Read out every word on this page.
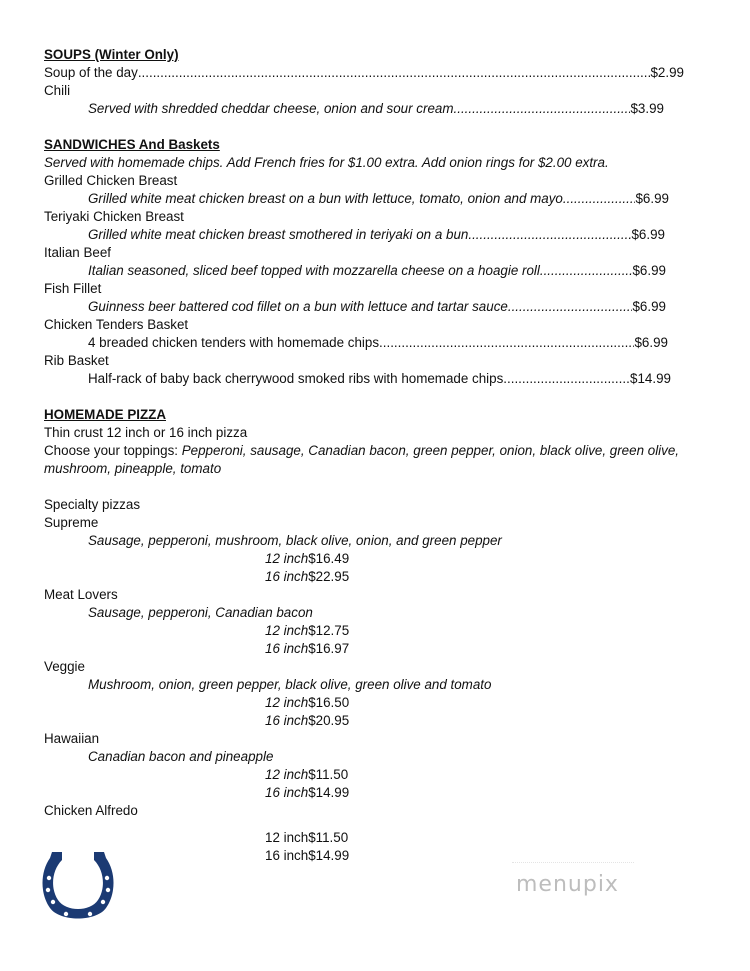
SOUPS (Winter Only)
Soup of the day .....	$2.99
Chili
Served with shredded cheddar cheese, onion and sour cream .....	$3.99
SANDWICHES And Baskets
Served with homemade chips. Add French fries for $1.00 extra. Add onion rings for $2.00 extra.
Grilled Chicken Breast
Grilled white meat chicken breast on a bun with lettuce, tomato, onion and mayo .....	$6.99
Teriyaki Chicken Breast
Grilled white meat chicken breast smothered in teriyaki on a bun .....	$6.99
Italian Beef
Italian seasoned, sliced beef topped with mozzarella cheese on a hoagie roll .....	$6.99
Fish Fillet
Guinness beer battered cod fillet on a bun with lettuce and tartar sauce .....	$6.99
Chicken Tenders Basket
4 breaded chicken tenders with homemade chips .....	$6.99
Rib Basket
Half-rack of baby back cherrywood smoked ribs with homemade chips .....	$14.99
HOMEMADE PIZZA
Thin crust 12 inch or 16 inch pizza
Choose your toppings: Pepperoni, sausage, Canadian bacon, green pepper, onion, black olive, green olive, mushroom, pineapple, tomato
Specialty pizzas
Supreme
Sausage, pepperoni, mushroom, black olive, onion, and green pepper
12 inch $16.49
16 inch $22.95
Meat Lovers
Sausage, pepperoni, Canadian bacon
12 inch $12.75
16 inch $16.97
Veggie
Mushroom, onion, green pepper, black olive, green olive and tomato
12 inch $16.50
16 inch $20.95
Hawaiian
Canadian bacon and pineapple
12 inch $11.50
16 inch $14.99
Chicken Alfredo
12 inch $11.50
16 inch $14.99
menupix
